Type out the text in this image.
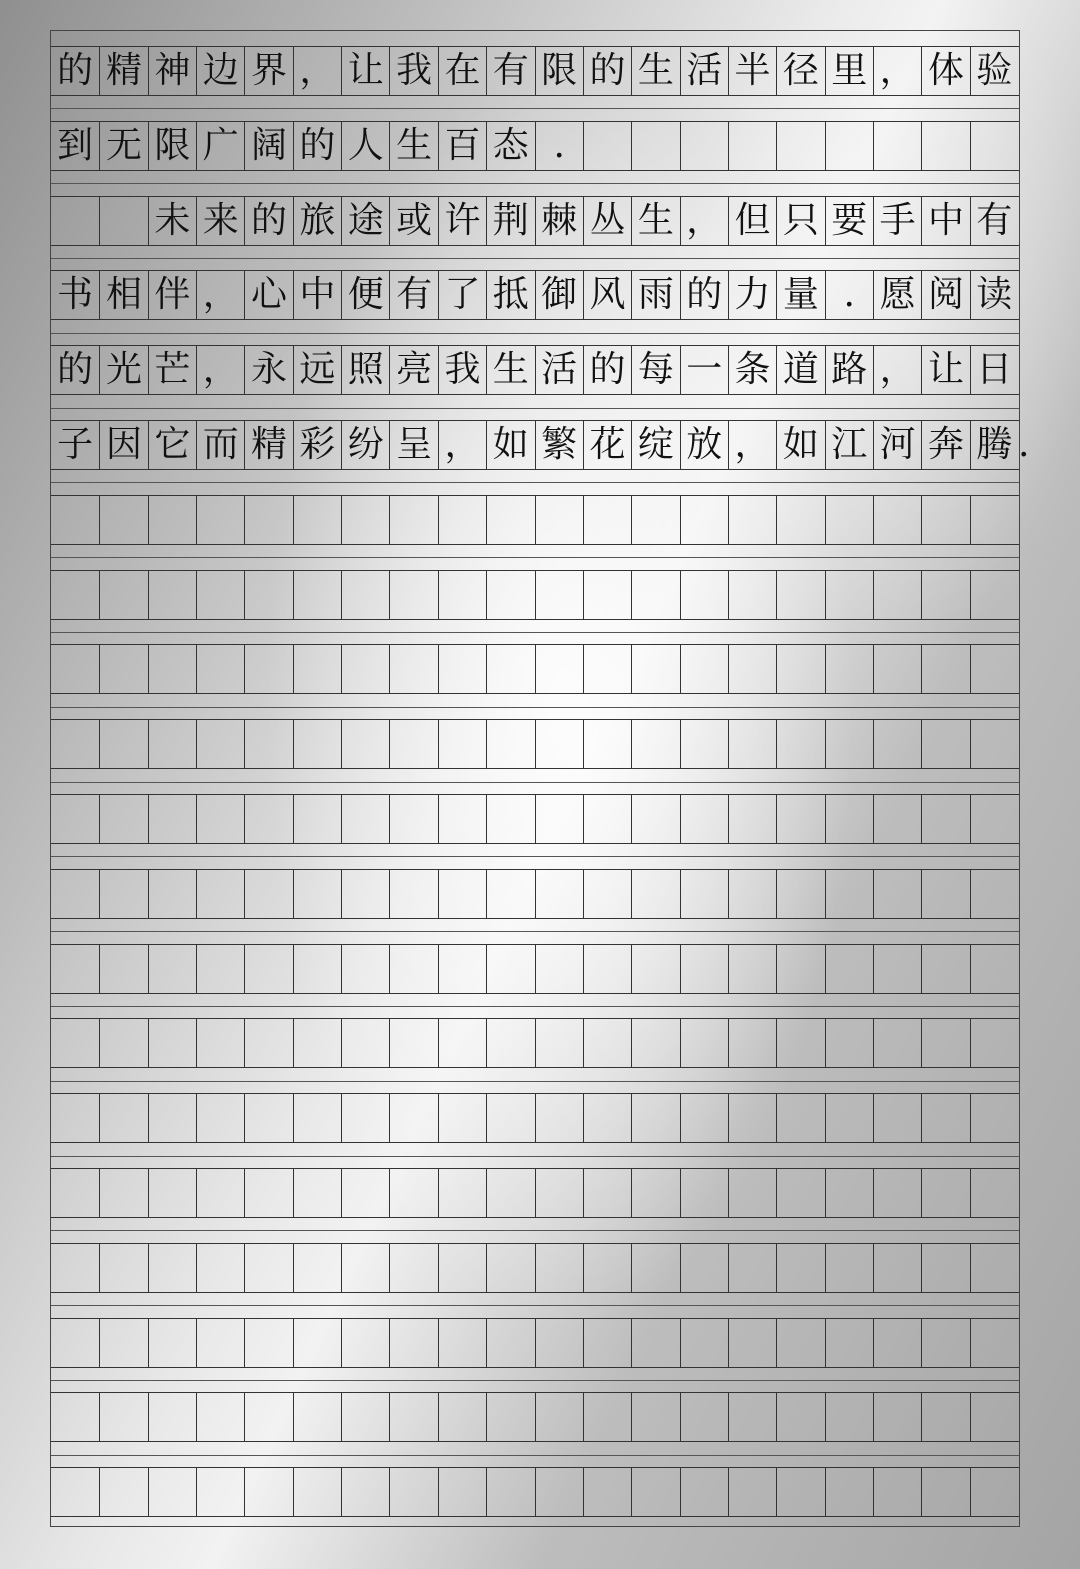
的 精 神 边 界 ， 让 我 在 有 限 的 生 活 半 径 里 ， 体 验
到 无 限 广 阔 的 人 生 百 态 .
未 来 的 旅 途 或 许 荆 棘 丛 生 ， 但 只 要 手 中 有
书 相 伴 ， 心 中 便 有 了 抵 御 风 雨 的 力 量 . 愿 阅 读
的 光 芒 ， 永 远 照 亮 我 生 活 的 每 一 条 道 路 ， 让 日
子 因 它 而 精 彩 纷 呈 ， 如 繁 花 绽 放 ， 如 江 河 奔 腾 .
